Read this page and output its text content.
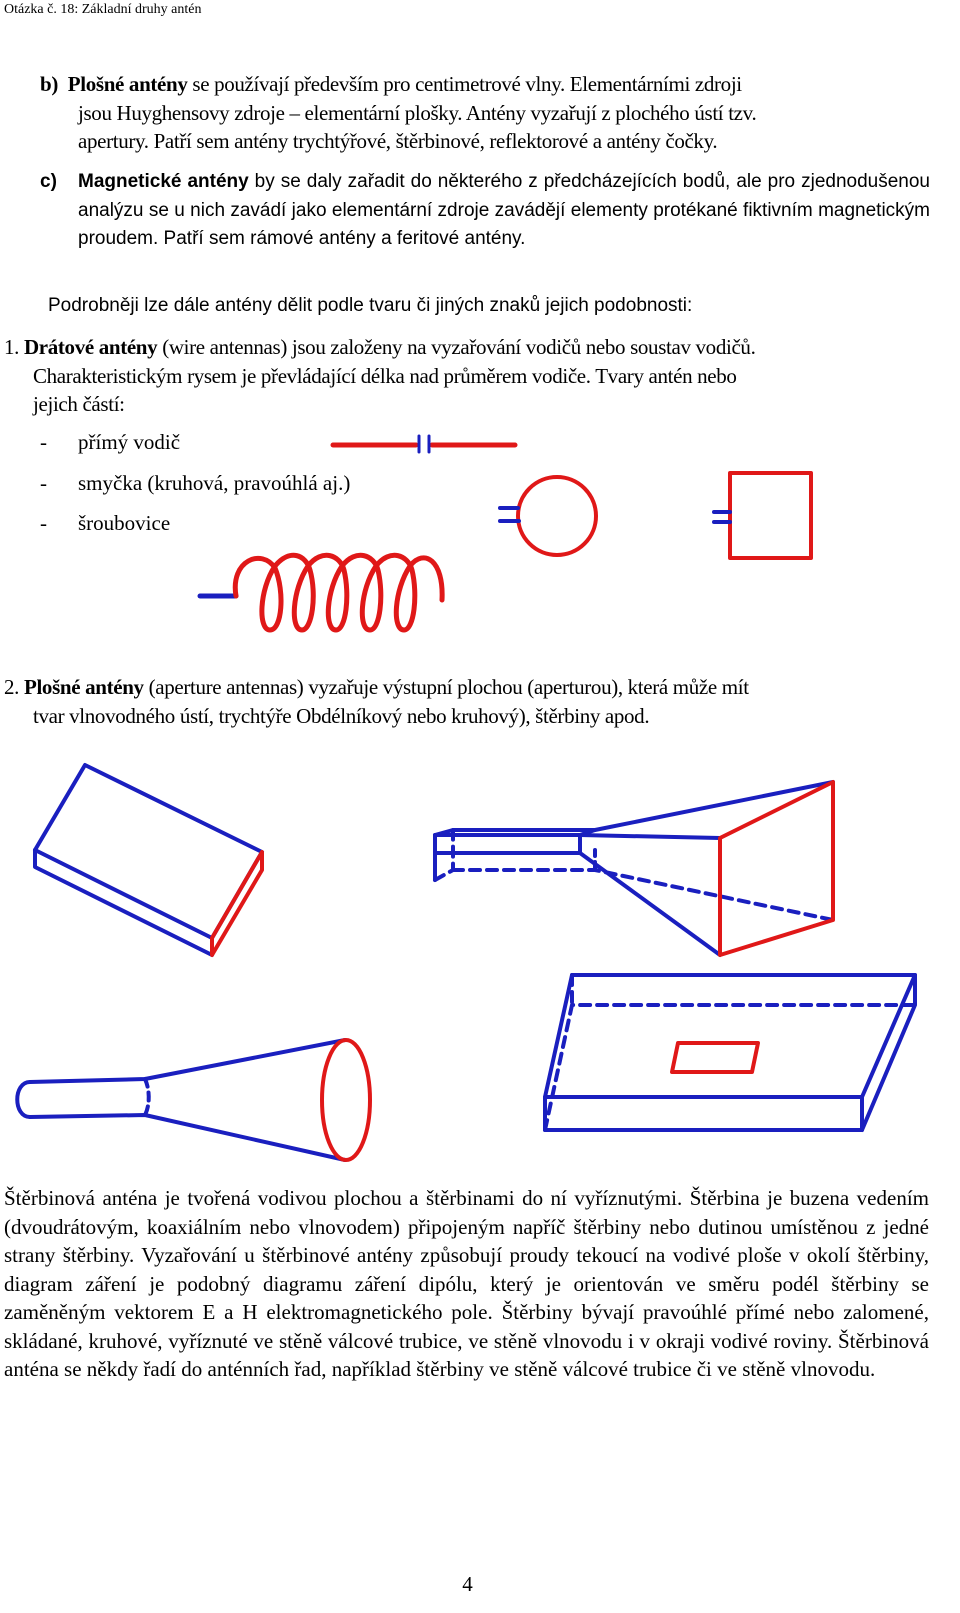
Otázka č. 18: Základní druhy antén
b) Plošné antény se používají především pro centimetrové vlny. Elementárními zdroji
jsou Huyghensovy zdroje – elementární plošky. Antény vyzařují z plochého ústí tzv.
apertury. Patří sem antény trychtýřové, štěrbinové, reflektorové a antény čočky.
c) Magnetické antény by se daly zařadit do některého z předcházejících bodů, ale pro zjednodušenou analýzu se u nich zavádí jako elementární zdroje zavádějí elementy protékané fiktivním magnetickým proudem. Patří sem rámové antény a feritové antény.
Podrobněji lze dále antény dělit podle tvaru či jiných znaků jejich podobnosti:
1. Drátové antény (wire antennas) jsou založeny na vyzařování vodičů nebo soustav vodičů.
Charakteristickým rysem je převládající délka nad průměrem vodiče. Tvary antén nebo
jejich částí:
- přímý vodič
- smyčka (kruhová, pravoúhlá aj.)
- šroubovice
2. Plošné antény (aperture antennas) vyzařuje výstupní plochou (aperturou), která může mít
tvar vlnovodného ústí, trychtýře Obdélníkový nebo kruhový), štěrbiny apod.
Štěrbinová anténa je tvořená vodivou plochou a štěrbinami do ní vyříznutými. Štěrbina je buzena vedením (dvoudrátovým, koaxiálním nebo vlnovodem) připojeným napříč štěrbiny nebo dutinou umístěnou z jedné strany štěrbiny. Vyzařování u štěrbinové antény způsobují proudy tekoucí na vodivé ploše v okolí štěrbiny, diagram záření je podobný diagramu záření dipólu, který je orientován ve směru podél štěrbiny se zaměněným vektorem E a H elektromagnetického pole. Štěrbiny bývají pravoúhlé přímé nebo zalomené, skládané, kruhové, vyříznuté ve stěně válcové trubice, ve stěně vlnovodu i v okraji vodivé roviny. Štěrbinová anténa se někdy řadí do anténních řad, například štěrbiny ve stěně válcové trubice či ve stěně vlnovodu.
4
